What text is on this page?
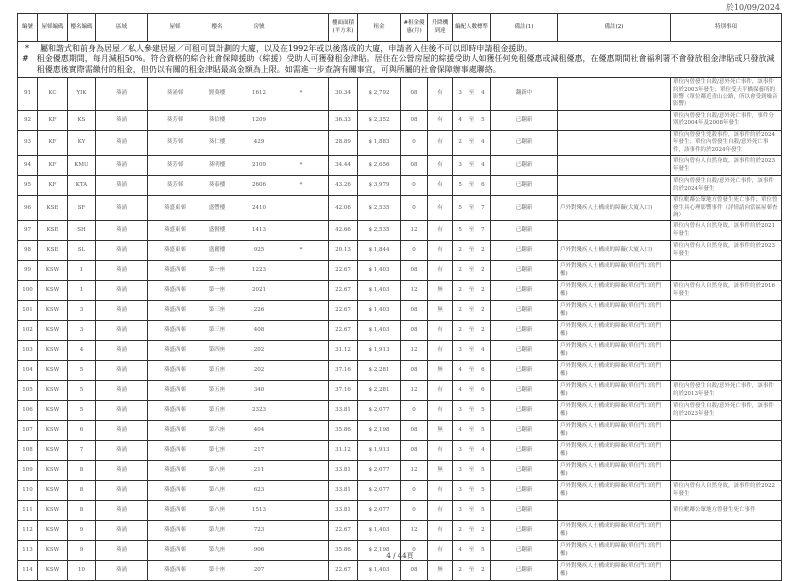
於10/09/2024
編號	屋邨編碼	樓名編碼	區域	屋邨 樓名 房號	樓面面積(平方米)	租金	#租金優惠(月)	升降機到達	編配人數標準	備註(1)	備註(2)	特別事項

* 屬和諧式和前身為居屋／私人參建居屋／可租可買計劃的大廈，以及在1992年或以後落成的大廈，申請者入住後不可以即時申請租金援助。
# 租金優惠期間，每月減租50%。符合資格的綜合社會保障援助（綜援）受助人可獲發租金津貼。居住在公營房屋的綜援受助人如獲任何免租優惠或減租優惠，在優惠期間社會福利署不會發放租金津貼或只發放減租優惠後實際需繳付的租金，但仍以有關的租金津貼最高金額為上限。如需進一步查詢有關事宜，可與所屬的社會保障辦事處聯絡。												

91	KC	YIK	葵涌	葵涌邨 賢葵樓 1612 *	30.34	$ 2,792	08	有	3 至 4	翻新中		單位內曾發生自殺/意外死亡事件，該事件約於2003年發生；單位受天平橋保養所的影響（單位鄰近青山公路，所以會受到噪音影響）
92	KF	KS	葵涌	葵芳邨 葵信樓 1209	36.33	$ 2,352	08	有	4 至 5	已翻新		單位內曾發生自殺/意外死亡事件，事件分別於2004年及2008年發生
93	KF	KY	葵涌	葵芳邨 葵仁樓 429	28.89	$ 1,883	0	有	2 至 4	已翻新		單位內曾發生兇殺事件，該事件約於2024年發生；單位內曾發生自殺/意外死亡事件，該事件約於2024年發生
94	KF	KMU	葵涌	葵芳邨 葵明樓 2109 *	34.44	$ 2,656	08	有	3 至 4	已翻新		單位內曾有人自然身故，該事件約於2023年發生
95	KF	KTA	葵涌	葵芳邨 葵泰樓 2606 *	43.26	$ 3,979	0	有	5 至 6	已翻新		單位內曾發生自殺/意外死亡事件，該事件約於2024年發生
96	KSE	SF	葵涌	葵盛東邨 盛豐樓 2410	42.06	$ 2,535	0	有	5 至 7	已翻新	戶外對殘疾人士構成的障礙(大廈入口)	單位毗鄰公眾地方曾發生死亡事件；單位曾發生具心理影響事件（詳情請向當區屋邨查詢）
97	KSE	SH	葵涌	葵盛東邨 盛賢樓 1413	42.66	$ 2,535	12	有	5 至 7	已翻新		單位內曾有人自然身故，該事件約於2021年發生
98	KSE	SL	葵涌	葵盛東邨 盛麗樓 925 *	20.13	$ 1,844	0	有	2 至 2	已翻新	戶外對殘疾人士構成的障礙(大廈入口)	單位內曾有人自然身故，該事件約於2023年發生
99	KSW	1	葵涌	葵盛西邨 第一座 1223	22.67	$ 1,403	08	有	2 至 2	已翻新	戶外對殘疾人士構成的障礙(單位門口的門檻)	
100	KSW	1	葵涌	葵盛西邨 第一座 2021	22.67	$ 1,403	12	無	2 至 2	已翻新	戶外對殘疾人士構成的障礙(單位門口的門檻)	單位內曾有人自然身故，該事件約於2016年發生
101	KSW	3	葵涌	葵盛西邨 第三座 226	22.67	$ 1,403	08	無	2 至 2	已翻新	戶外對殘疾人士構成的障礙(單位門口的門檻)	
102	KSW	3	葵涌	葵盛西邨 第三座 408	22.67	$ 1,403	08	有	2 至 2	已翻新	戶外對殘疾人士構成的障礙(單位門口的門檻)	
103	KSW	4	葵涌	葵盛西邨 第四座 202	31.12	$ 1,913	12	有	3 至 4	已翻新	戶外對殘疾人士構成的障礙(單位門口的門檻)	
104	KSW	5	葵涌	葵盛西邨 第五座 202	37.16	$ 2,281	08	無	4 至 6	已翻新	戶外對殘疾人士構成的障礙(單位門口的門檻)	
105	KSW	5	葵涌	葵盛西邨 第五座 340	37.16	$ 2,281	12	有	4 至 6	已翻新	戶外對殘疾人士構成的障礙(單位門口的門檻)	單位內曾發生自殺/意外死亡事件，該事件約於2013年發生
106	KSW	5	葵涌	葵盛西邨 第五座 2323	33.81	$ 2,077	0	有	3 至 5	已翻新	戶外對殘疾人士構成的障礙(單位門口的門檻)	單位內曾發生自殺/意外死亡事件，該事件約於2023年發生
107	KSW	6	葵涌	葵盛西邨 第六座 404	35.86	$ 2,198	08	無	4 至 5	已翻新	戶外對殘疾人士構成的障礙(單位門口的門檻)	
108	KSW	7	葵涌	葵盛西邨 第七座 217	31.12	$ 1,913	08	有	3 至 4	已翻新	戶外對殘疾人士構成的障礙(單位門口的門檻)	
109	KSW	8	葵涌	葵盛西邨 第八座 211	33.81	$ 2,077	12	無	3 至 5	已翻新	戶外對殘疾人士構成的障礙(單位門口的門檻)	
110	KSW	8	葵涌	葵盛西邨 第八座 623	33.81	$ 2,077	0	有	3 至 5	已翻新	戶外對殘疾人士構成的障礙(單位門口的門檻)	單位內曾有人自然身故，該事件約於2022年發生
111	KSW	8	葵涌	葵盛西邨 第八座 1513	33.81	$ 2,077	0	有	3 至 5	已翻新		單位毗鄰公眾地方曾發生死亡事件
112	KSW	9	葵涌	葵盛西邨 第九座 723	22.67	$ 1,403	12	有	2 至 2	已翻新	戶外對殘疾人士構成的障礙(單位門口的門檻)	
113	KSW	9	葵涌	葵盛西邨 第九座 906	35.86	$ 2,198	0	有	4 至 5	已翻新	戶外對殘疾人士構成的障礙(單位門口的門檻)	
114	KSW	10	葵涌	葵盛西邨 第十座 207	22.67	$ 1,403	08	無	2 至 2	已翻新	戶外對殘疾人士構成的障礙(單位門口的門檻)	
4 / 44頁
